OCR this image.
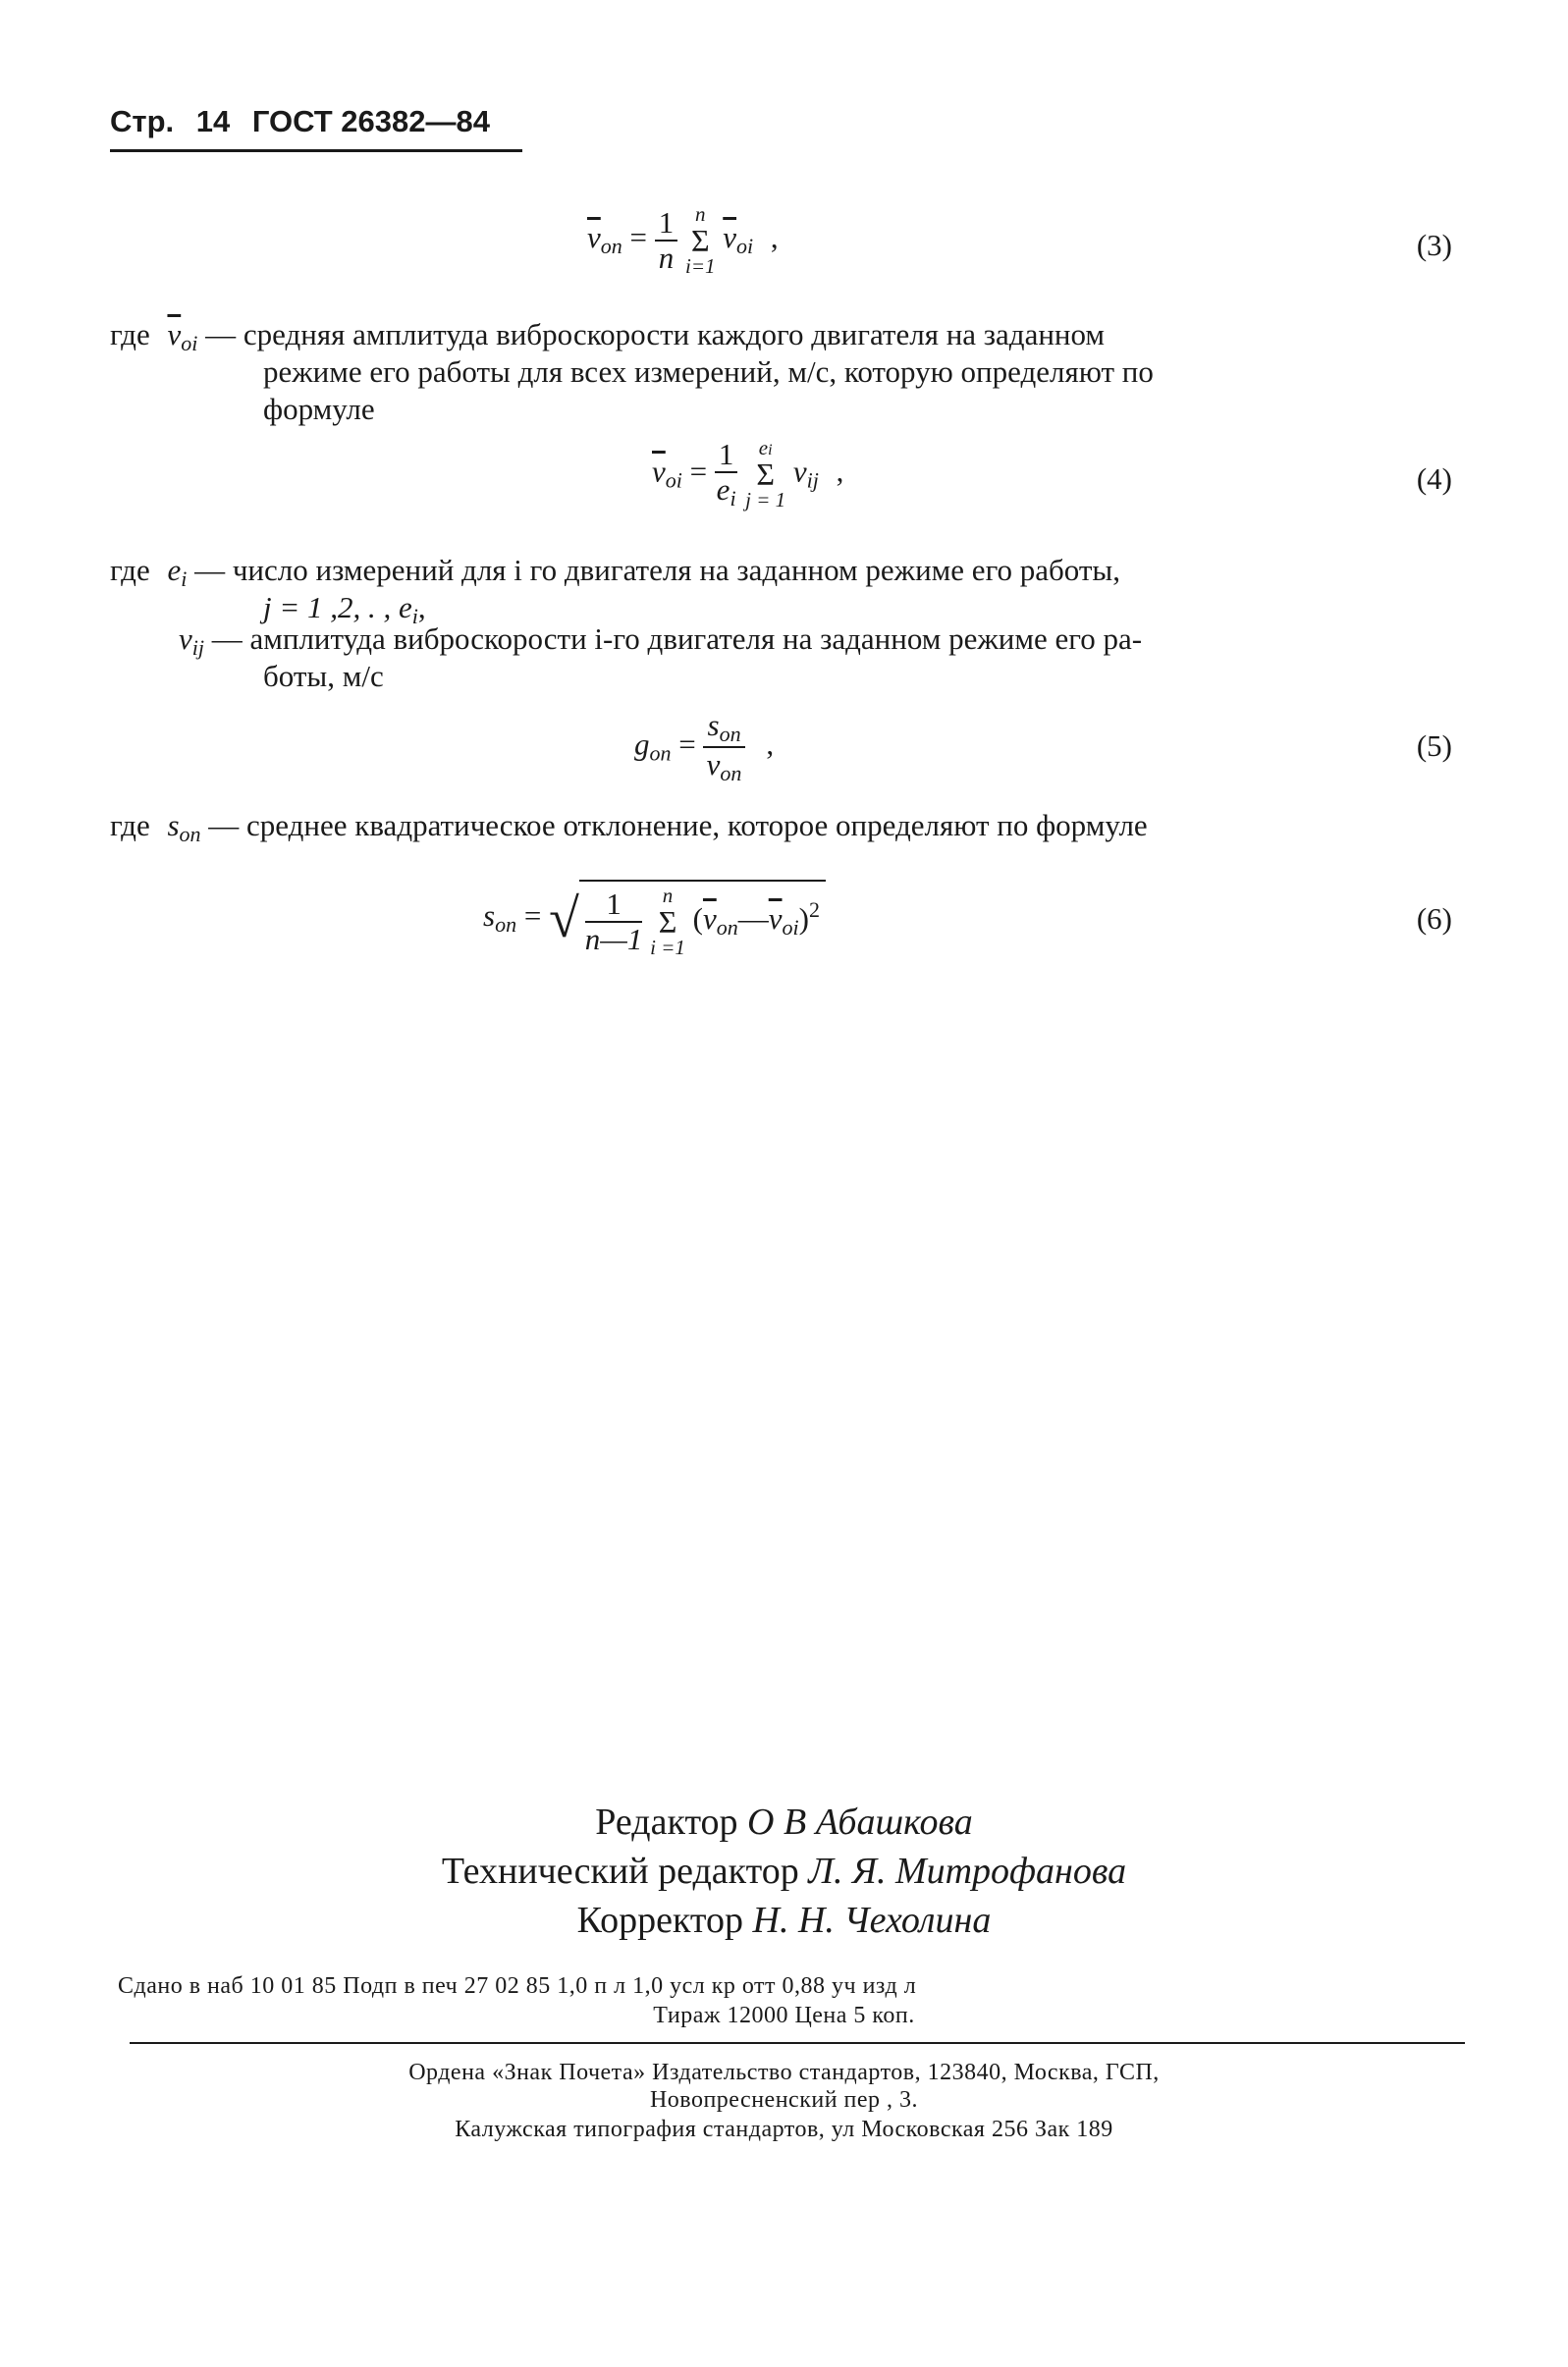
Стр. 14 ГОСТ 26382—84
$\overline{v}_{on} = \frac{1}{n}$
n
Σ
i=1
$\overline{v}_{oi}$ ,	(3)
где $\overline{v}_{oi}$ — средняя амплитуда виброскорости каждого двигателя на заданном
режиме его работы для всех измерений, м/с, которую определяют по
формуле
$\overline{v}_{oi} = \frac{1}{e_i}$
	ei
Σ
j = 1
$v_{ij}$ ,	(4)
где $e_i$ — число измерений для i го двигателя на заданном режиме его работы,
j = 1 ,2, . , $e_i$,
$v_{ij}$ — амплитуда виброскорости i-го двигателя на заданном режиме его ра-
боты, м/с
$g_{on} = \frac{s_{on}}{v_{on}}$ ,	(5)
где $s_{on}$ — среднее квадратическое отклонение, которое определяют по формуле
$s_{on}$ = √ $\frac{1}{n—1}$
n
Σ
i =1
$(\overline{v}_{on}—\overline{v}_{oi})^2$	(6)
Редактор О В Абашкова
Технический редактор Л. Я. Митрофанова
Корректор Н. Н. Чехолина
Сдано в наб 10 01 85 Подп в печ 27 02 85 1,0 п л 1,0 усл кр отт 0,88 уч изд л
Тираж 12000 Цена 5 коп.
Ордена «Знак Почета» Издательство стандартов, 123840, Москва, ГСП,
Новопресненский пер , 3.
Калужская типография стандартов, ул Московская 256 Зак 189
